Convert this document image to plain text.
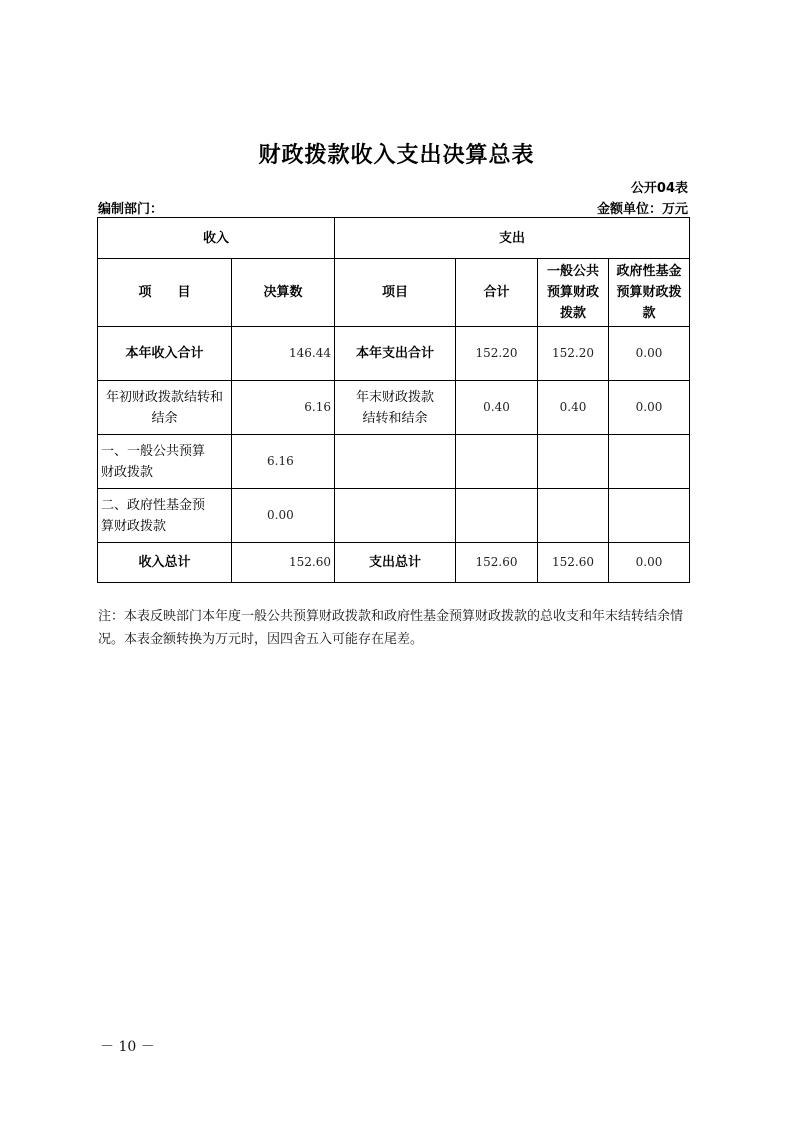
财政拨款收入支出决算总表
公开04表
编制部门：	金额单位：万元
收入		支出			
项　　目	决算数	项目	合计	一般公共预算财政拨款	政府性基金预算财政拨款
本年收入合计	146.44	本年支出合计	152.20	152.20	0.00
年初财政拨款结转和结余	6.16	年末财政拨款结转和结余	0.40	0.40	0.00
一、一般公共预算财政拨款	6.16				
二、政府性基金预算财政拨款	0.00				
收入总计	152.60	支出总计	152.60	152.60	0.00
注：本表反映部门本年度一般公共预算财政拨款和政府性基金预算财政拨款的总收支和年末结转结余情况。本表金额转换为万元时，因四舍五入可能存在尾差。
－ 10 －
